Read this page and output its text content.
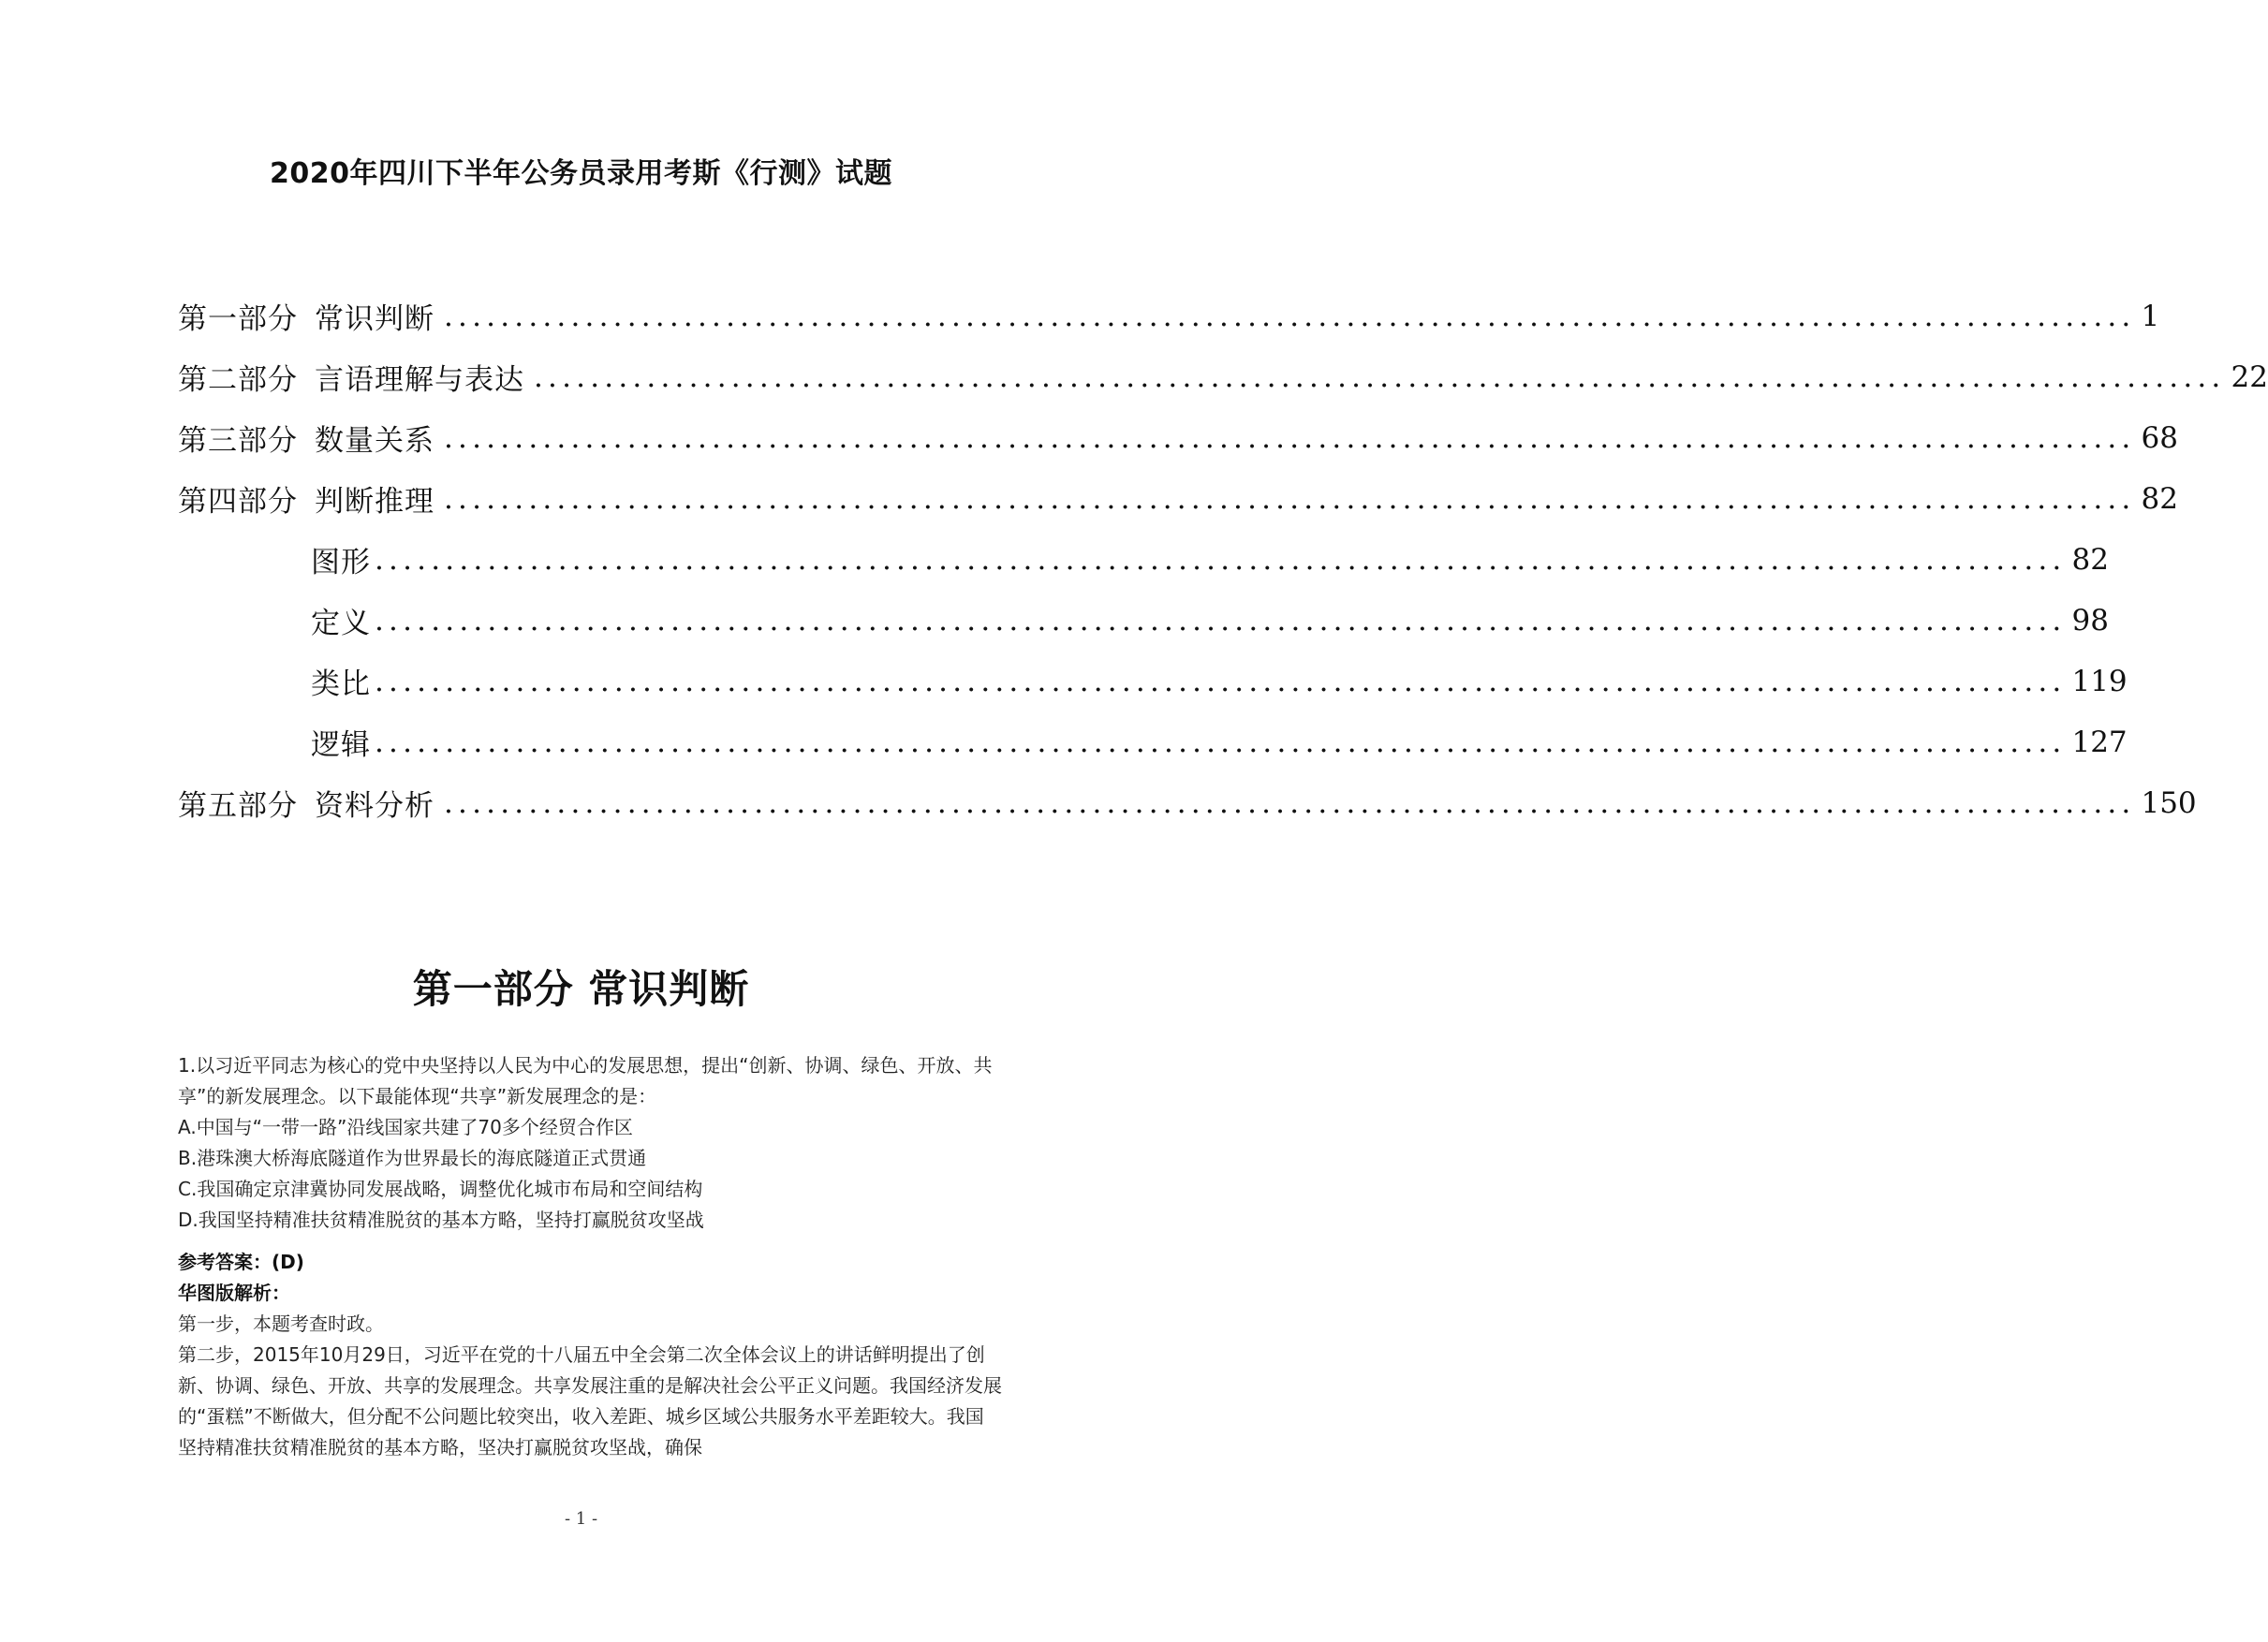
2020年四川下半年公务员录用考斯《行测》试题
第一部分 常识判断 ........................................................................................................................ 1
第二部分 言语理解与表达 ........................................................................................................................ 22
第三部分 数量关系 ........................................................................................................................ 68
第四部分 判断推理 ........................................................................................................................ 82
图形 ........................................................................................................................ 82
定义 ........................................................................................................................ 98
类比 ........................................................................................................................ 119
逻辑 ........................................................................................................................ 127
第五部分 资料分析 ........................................................................................................................ 150
第一部分 常识判断

1.以习近平同志为核心的党中央坚持以人民为中心的发展思想，提出“创新、协调、绿色、开放、共享”的新发展理念。以下最能体现“共享”新发展理念的是：

A.中国与“一带一路”沿线国家共建了70多个经贸合作区

B.港珠澳大桥海底隧道作为世界最长的海底隧道正式贯通

C.我国确定京津冀协同发展战略，调整优化城市布局和空间结构

D.我国坚持精准扶贫精准脱贫的基本方略，坚持打赢脱贫攻坚战

参考答案：(D)
华图版解析：
第一步，本题考查时政。
第二步，2015年10月29日，习近平在党的十八届五中全会第二次全体会议上的讲话鲜明提出了创新、协调、绿色、开放、共享的发展理念。共享发展注重的是解决社会公平正义问题。我国经济发展的“蛋糕”不断做大，但分配不公问题比较突出，收入差距、城乡区域公共服务水平差距较大。我国坚持精准扶贫精准脱贫的基本方略，坚决打赢脱贫攻坚战，确保
- 1 -
